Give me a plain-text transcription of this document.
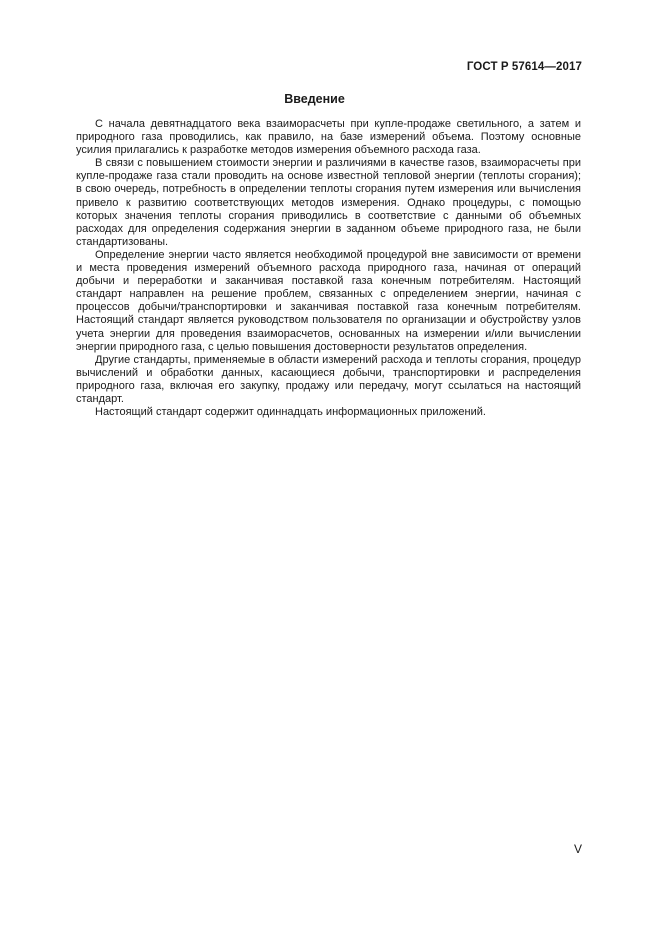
ГОСТ Р 57614—2017

Введение

С начала девятнадцатого века взаиморасчеты при купле-продаже светильного, а затем и природного газа проводились, как правило, на базе измерений объема. Поэтому основные усилия прилагались к разработке методов измерения объемного расхода газа.

В связи с повышением стоимости энергии и различиями в качестве газов, взаиморасчеты при купле-продаже газа стали проводить на основе известной тепловой энергии (теплоты сгорания); в свою очередь, потребность в определении теплоты сгорания путем измерения или вычисления привело к развитию соответствующих методов измерения. Однако процедуры, с помощью которых значения теплоты сгорания приводились в соответствие с данными об объемных расходах для определения содержания энергии в заданном объеме природного газа, не были стандартизованы.

Определение энергии часто является необходимой процедурой вне зависимости от времени и места проведения измерений объемного расхода природного газа, начиная от операций добычи и переработки и заканчивая поставкой газа конечным потребителям. Настоящий стандарт направлен на решение проблем, связанных с определением энергии, начиная с процессов добычи/транспортировки и заканчивая поставкой газа конечным потребителям. Настоящий стандарт является руководством пользователя по организации и обустройству узлов учета энергии для проведения взаиморасчетов, основанных на измерении и/или вычислении энергии природного газа, с целью повышения достоверности результатов определения.

Другие стандарты, применяемые в области измерений расхода и теплоты сгорания, процедур вычислений и обработки данных, касающиеся добычи, транспортировки и распределения природного газа, включая его закупку, продажу или передачу, могут ссылаться на настоящий стандарт.

Настоящий стандарт содержит одиннадцать информационных приложений.

V
